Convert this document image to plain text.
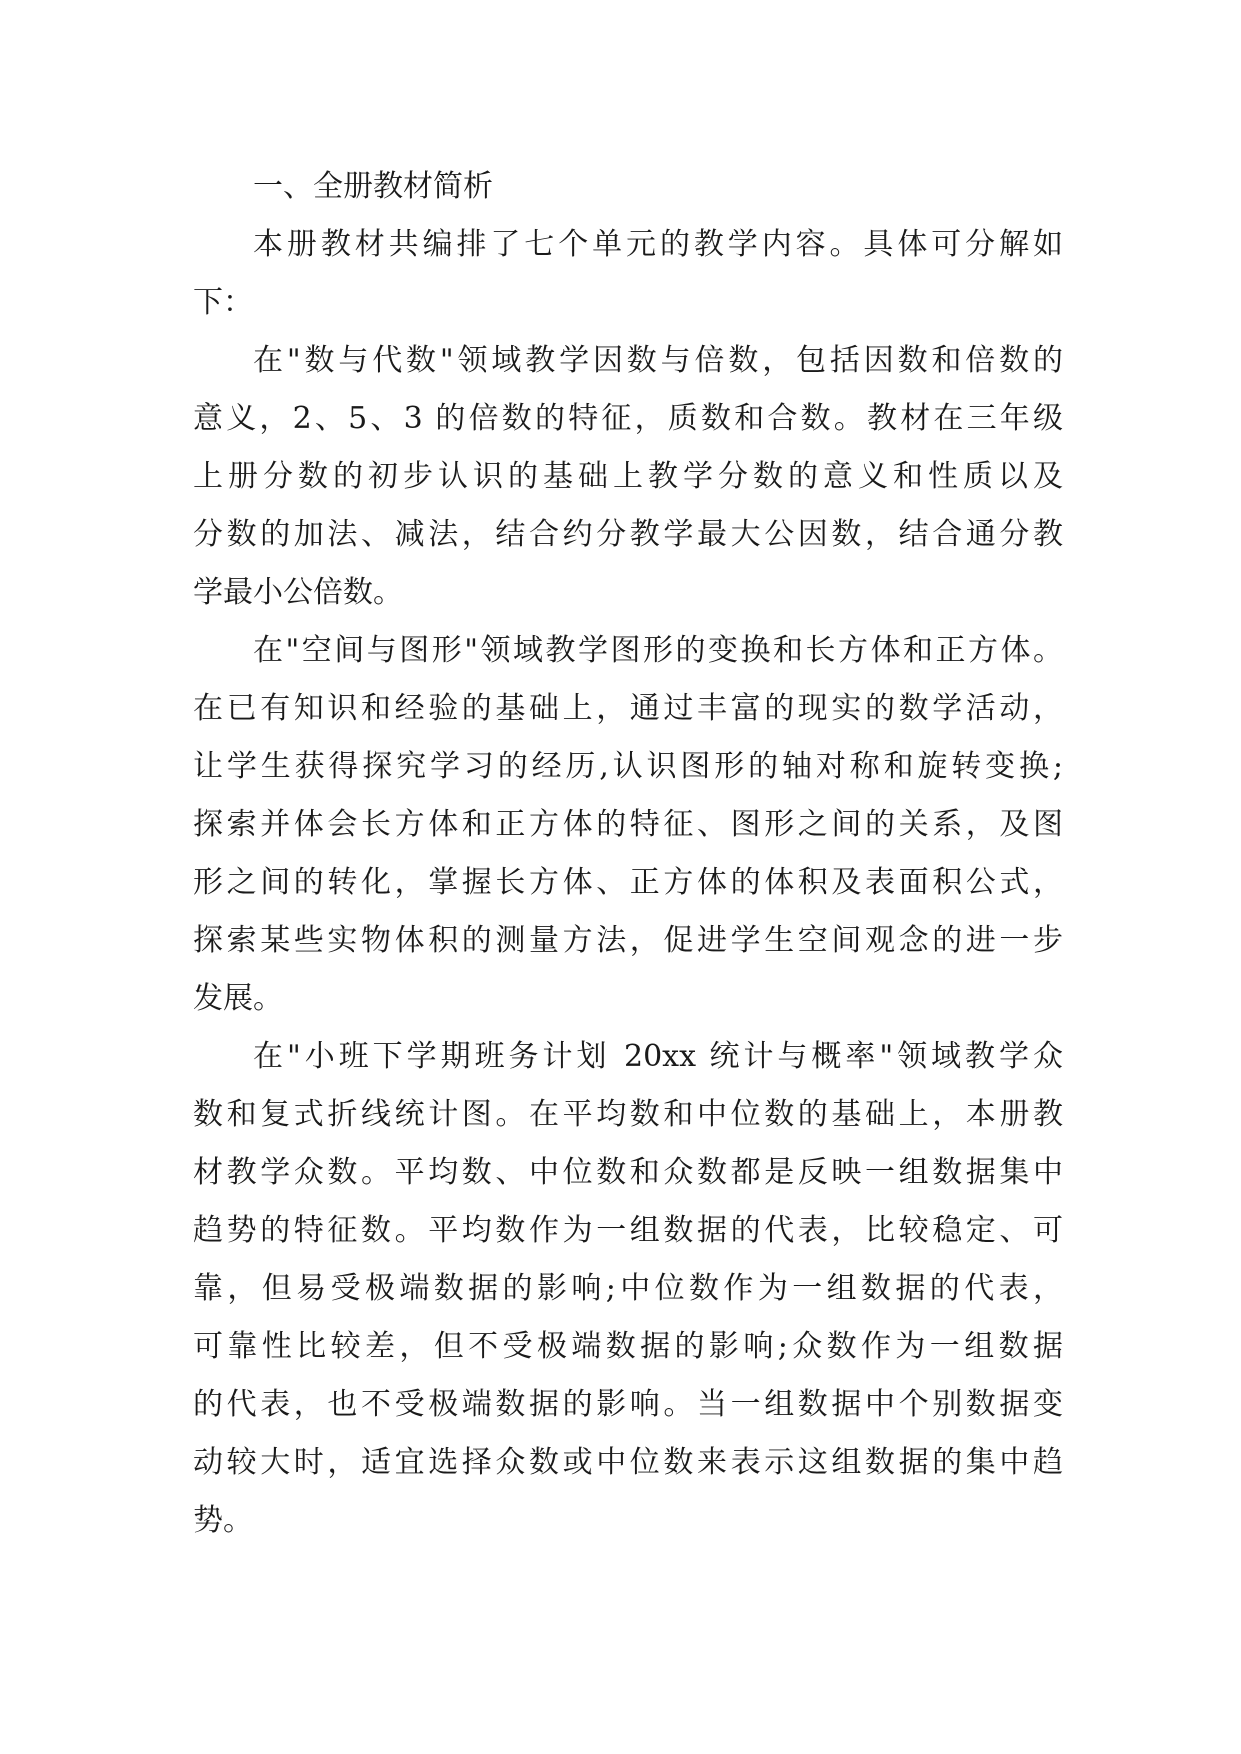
一、全册教材简析
本册教材共编排了七个单元的教学内容。具体可分解如
下：
在"数与代数"领域教学因数与倍数，包括因数和倍数的
意义，2、5、3 的倍数的特征，质数和合数。教材在三年级
上册分数的初步认识的基础上教学分数的意义和性质以及
分数的加法、减法，结合约分教学最大公因数，结合通分教
学最小公倍数。
在"空间与图形"领域教学图形的变换和长方体和正方体。
在已有知识和经验的基础上，通过丰富的现实的数学活动，
让学生获得探究学习的经历,认识图形的轴对称和旋转变换;
探索并体会长方体和正方体的特征、图形之间的关系，及图
形之间的转化，掌握长方体、正方体的体积及表面积公式，
探索某些实物体积的测量方法，促进学生空间观念的进一步
发展。
在"小班下学期班务计划 20xx 统计与概率"领域教学众
数和复式折线统计图。在平均数和中位数的基础上，本册教
材教学众数。平均数、中位数和众数都是反映一组数据集中
趋势的特征数。平均数作为一组数据的代表，比较稳定、可
靠，但易受极端数据的影响;中位数作为一组数据的代表，
可靠性比较差，但不受极端数据的影响;众数作为一组数据
的代表，也不受极端数据的影响。当一组数据中个别数据变
动较大时，适宜选择众数或中位数来表示这组数据的集中趋
势。
